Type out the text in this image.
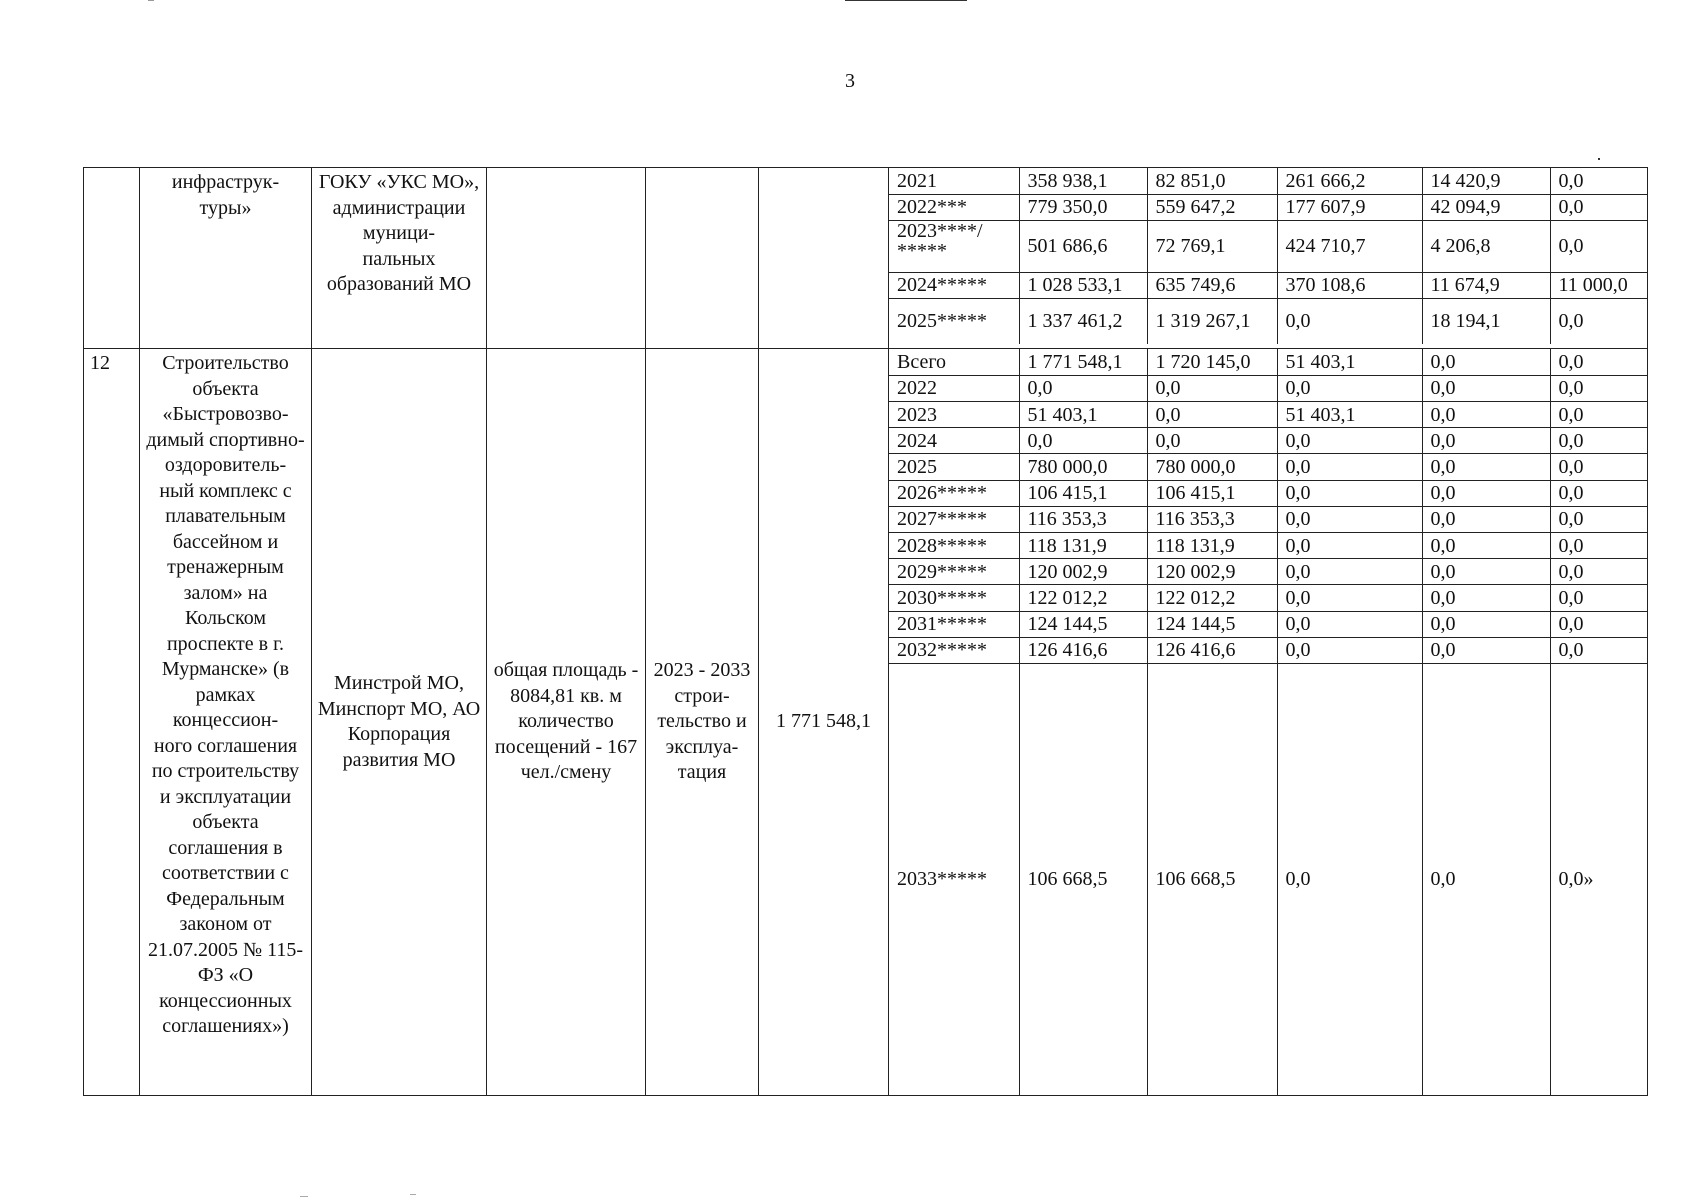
3
	инфраструк-
туры»	ГОКУ «УКС МО», администрации муници-
пальных образований МО				
2021	358 938,1	82 851,0	261 666,2	14 420,9	0,0
2022***	779 350,0	559 647,2	177 607,9	42 094,9	0,0
2023****/
*****	501 686,6	72 769,1	424 710,7	4 206,8	0,0
2024*****	1 028 533,1	635 749,6	370 108,6	11 674,9	11 000,0
2025*****	1 337 461,2	1 319 267,1	0,0	18 194,1	0,0

12	Строительство объекта «Быстровозво-
димый спортивно-
оздоровитель-
ный комплекс с плавательным бассейном и тренажерным залом» на Кольском проспекте в г. Мурманске» (в рамках концессион-
ного соглашения по строительству и эксплуатации объекта соглашения в соответствии с Федеральным законом от 21.07.2005 № 115-ФЗ «О концессионных соглашениях»)	Минстрой МО, Минспорт МО, АО Корпорация развития МО	общая площадь - 8084,81 кв. м количество посещений - 167 чел./смену	2023 - 2033 строи-
тельство и эксплуа-
тация	1 771 548,1	
Всего	1 771 548,1	1 720 145,0	51 403,1	0,0	0,0
2022	0,0	0,0	0,0	0,0	0,0
2023	51 403,1	0,0	51 403,1	0,0	0,0
2024	0,0	0,0	0,0	0,0	0,0
2025	780 000,0	780 000,0	0,0	0,0	0,0
2026*****	106 415,1	106 415,1	0,0	0,0	0,0
2027*****	116 353,3	116 353,3	0,0	0,0	0,0
2028*****	118 131,9	118 131,9	0,0	0,0	0,0
2029*****	120 002,9	120 002,9	0,0	0,0	0,0
2030*****	122 012,2	122 012,2	0,0	0,0	0,0
2031*****	124 144,5	124 144,5	0,0	0,0	0,0
2032*****	126 416,6	126 416,6	0,0	0,0	0,0
2033*****	106 668,5	106 668,5	0,0	0,0	0,0»
